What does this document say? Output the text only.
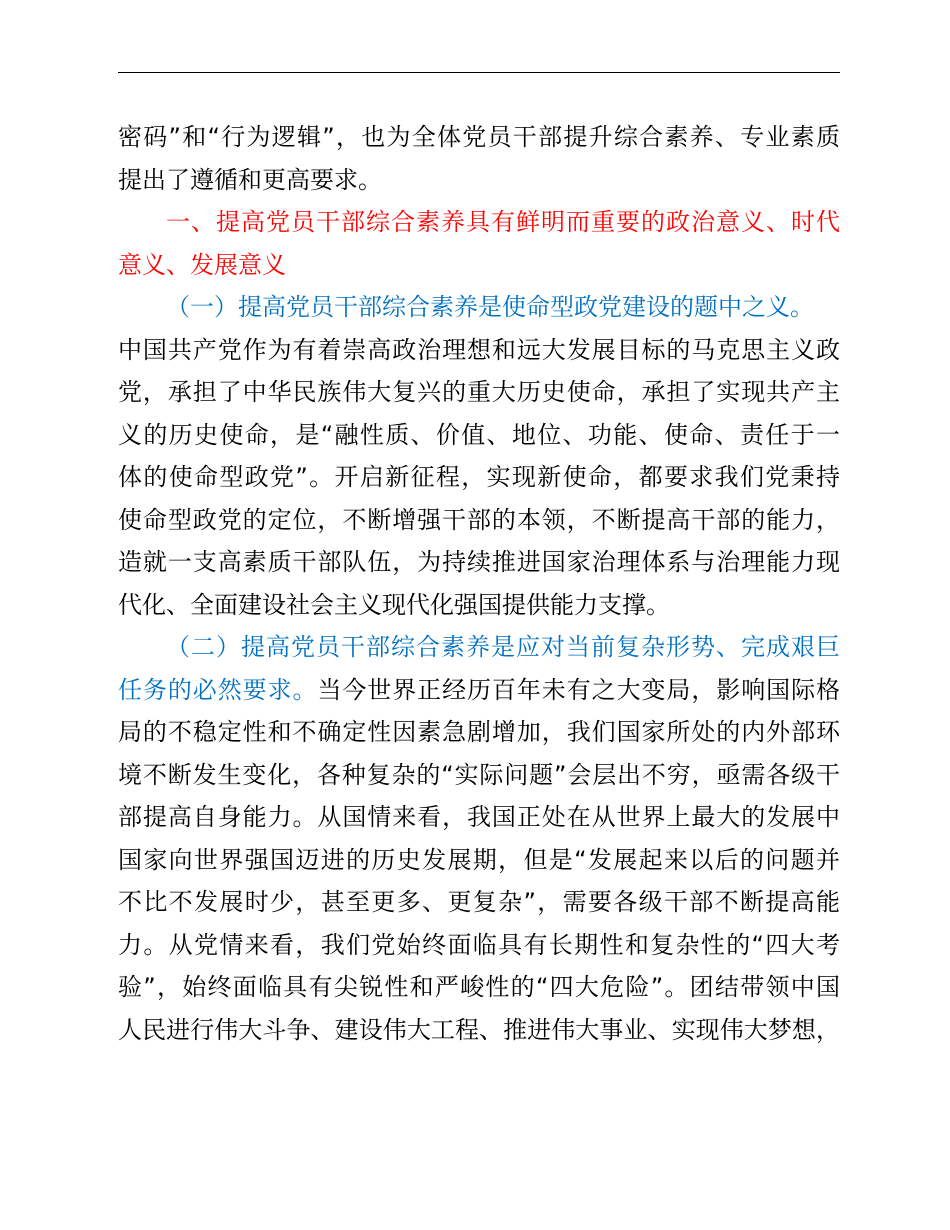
密码”和“行为逻辑”，也为全体党员干部提升综合素养、专业素质
提出了遵循和更高要求。
一、提高党员干部综合素养具有鲜明而重要的政治意义、时代
意义、发展意义
（一）提高党员干部综合素养是使命型政党建设的题中之义。
中国共产党作为有着崇高政治理想和远大发展目标的马克思主义政
党，承担了中华民族伟大复兴的重大历史使命，承担了实现共产主
义的历史使命，是“融性质、价值、地位、功能、使命、责任于一
体的使命型政党”。开启新征程，实现新使命，都要求我们党秉持
使命型政党的定位，不断增强干部的本领，不断提高干部的能力，
造就一支高素质干部队伍，为持续推进国家治理体系与治理能力现
代化、全面建设社会主义现代化强国提供能力支撑。
（二）提高党员干部综合素养是应对当前复杂形势、完成艰巨
任务的必然要求。当今世界正经历百年未有之大变局，影响国际格
局的不稳定性和不确定性因素急剧增加，我们国家所处的内外部环
境不断发生变化，各种复杂的“实际问题”会层出不穷，亟需各级干
部提高自身能力。从国情来看，我国正处在从世界上最大的发展中
国家向世界强国迈进的历史发展期，但是“发展起来以后的问题并
不比不发展时少，甚至更多、更复杂”，需要各级干部不断提高能
力。从党情来看，我们党始终面临具有长期性和复杂性的“四大考
验”，始终面临具有尖锐性和严峻性的“四大危险”。团结带领中国
人民进行伟大斗争、建设伟大工程、推进伟大事业、实现伟大梦想，
